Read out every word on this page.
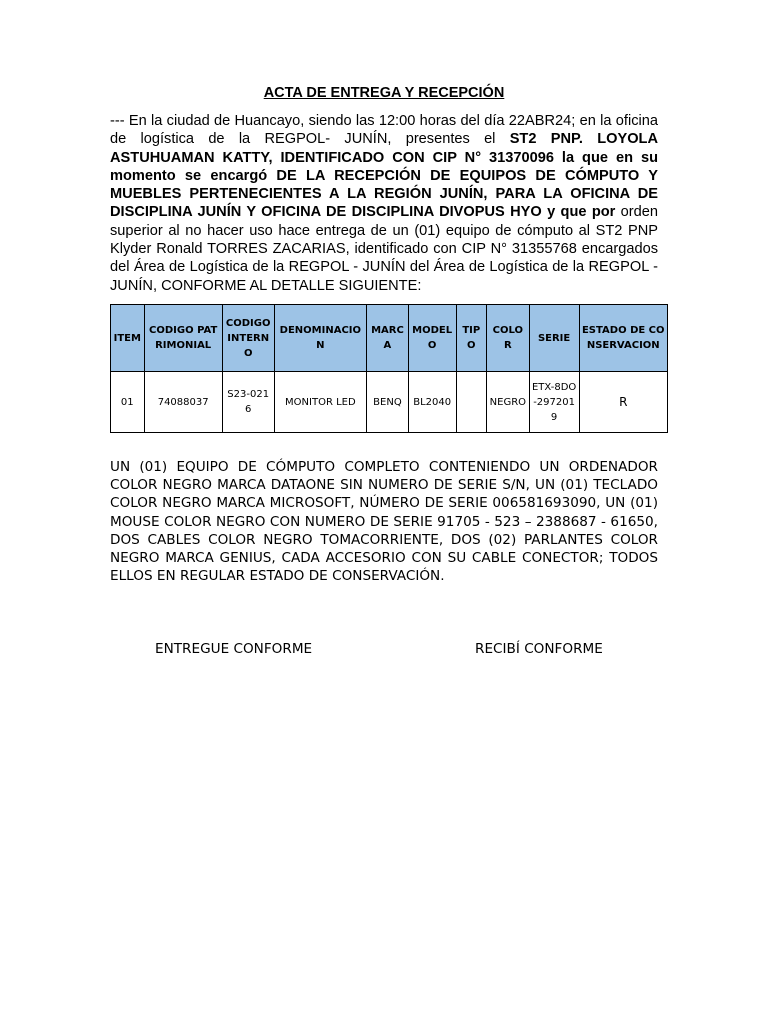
ACTA DE ENTREGA Y RECEPCIÓN
--- En la ciudad de Huancayo, siendo las 12:00 horas del día 22ABR24; en la oficina de logística de la REGPOL- JUNÍN, presentes el ST2 PNP. LOYOLA ASTUHUAMAN KATTY, IDENTIFICADO CON CIP N° 31370096 la que en su momento se encargó DE LA RECEPCIÓN DE EQUIPOS DE CÓMPUTO Y MUEBLES PERTENECIENTES A LA REGIÓN JUNÍN, PARA LA OFICINA DE DISCIPLINA JUNÍN Y OFICINA DE DISCIPLINA DIVOPUS HYO y que por orden superior al no hacer uso hace entrega de un (01) equipo de cómputo al ST2 PNP Klyder Ronald TORRES ZACARIAS, identificado con CIP N° 31355768 encargados del Área de Logística de la REGPOL - JUNÍN del Área de Logística de la REGPOL - JUNÍN, CONFORME AL DETALLE SIGUIENTE:
ITEM	CODIGO PATRIMONIAL	CODIGO INTERNO	DENOMINACION	MARCA	MODELO	TIPO	COLOR	SERIE	ESTADO DE CONSERVACION
01	74088037	S23-0216	MONITOR LED	BENQ	BL2040		NEGRO	ETX-8DO-2972019	R
UN (01) EQUIPO DE CÓMPUTO COMPLETO CONTENIENDO UN ORDENADOR COLOR NEGRO MARCA DATAONE SIN NUMERO DE SERIE S/N, UN (01) TECLADO COLOR NEGRO MARCA MICROSOFT, NÚMERO DE SERIE 006581693090, UN (01) MOUSE COLOR NEGRO CON NUMERO DE SERIE 91705 - 523 – 2388687 - 61650, DOS CABLES COLOR NEGRO TOMACORRIENTE, DOS (02) PARLANTES COLOR NEGRO MARCA GENIUS, CADA ACCESORIO CON SU CABLE CONECTOR; TODOS ELLOS EN REGULAR ESTADO DE CONSERVACIÓN.
ENTREGUE CONFORME	RECIBÍ CONFORME
